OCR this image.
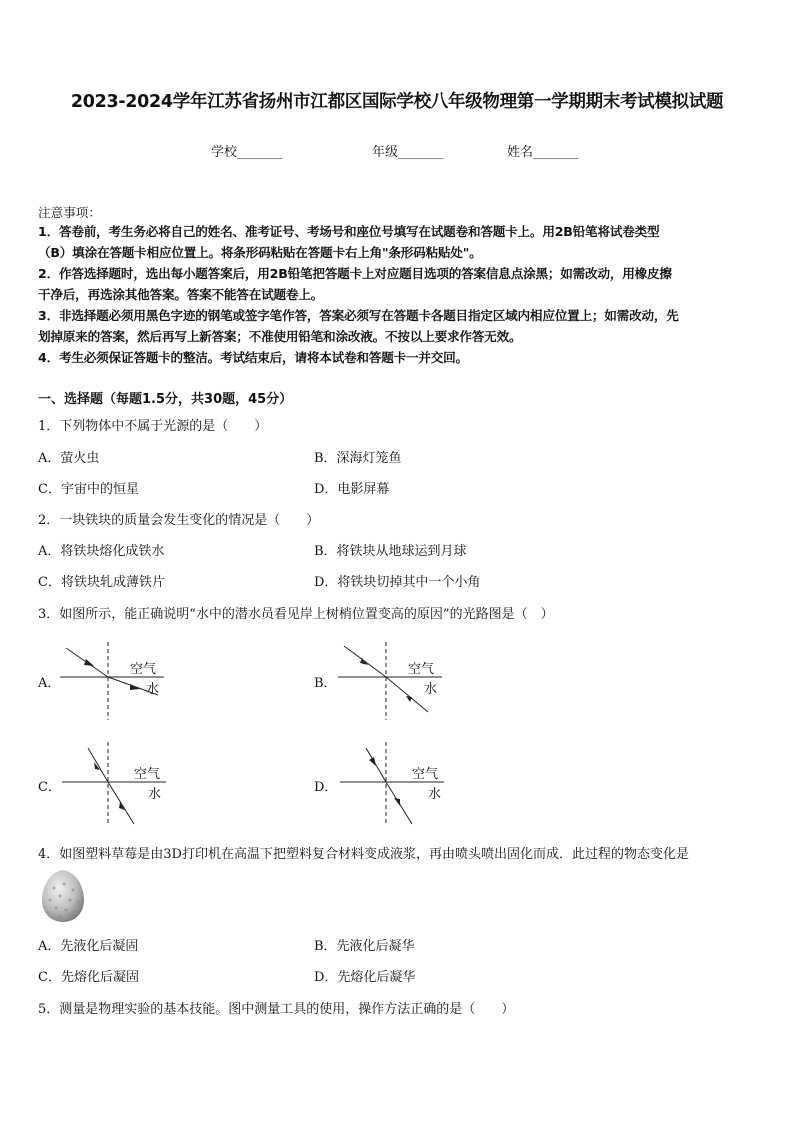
2023-2024学年江苏省扬州市江都区国际学校八年级物理第一学期期末考试模拟试题
学校_______	年级_______	姓名_______
注意事项：
1．答卷前，考生务必将自己的姓名、准考证号、考场号和座位号填写在试题卷和答题卡上。用2B铅笔将试卷类型
（B）填涂在答题卡相应位置上。将条形码粘贴在答题卡右上角"条形码粘贴处"。
2．作答选择题时，选出每小题答案后，用2B铅笔把答题卡上对应题目选项的答案信息点涂黑；如需改动，用橡皮擦
干净后，再选涂其他答案。答案不能答在试题卷上。
3．非选择题必须用黑色字迹的钢笔或签字笔作答，答案必须写在答题卡各题目指定区域内相应位置上；如需改动，先
划掉原来的答案，然后再写上新答案；不准使用铅笔和涂改液。不按以上要求作答无效。
4．考生必须保证答题卡的整洁。考试结束后，请将本试卷和答题卡一并交回。
一、选择题（每题1.5分，共30题，45分）
1．下列物体中不属于光源的是（　　）
A．萤火虫	B．深海灯笼鱼
C．宇宙中的恒星	D．电影屏幕
2．一块铁块的质量会发生变化的情况是（　　）
A．将铁块熔化成铁水	B．将铁块从地球运到月球
C．将铁块轧成薄铁片	D．将铁块切掉其中一个小角
3．如图所示，能正确说明“水中的潜水员看见岸上树梢位置变高的原因”的光路图是（　）
A．
空气
水	B．
空气
水
C．
空气
水	D．
空气
水
4．如图塑料草莓是由3D打印机在高温下把塑料复合材料变成液浆，再由喷头喷出固化而成．此过程的物态变化是
A．先液化后凝固	B．先液化后凝华
C．先熔化后凝固	D．先熔化后凝华
5．测量是物理实验的基本技能。图中测量工具的使用，操作方法正确的是（　　）
